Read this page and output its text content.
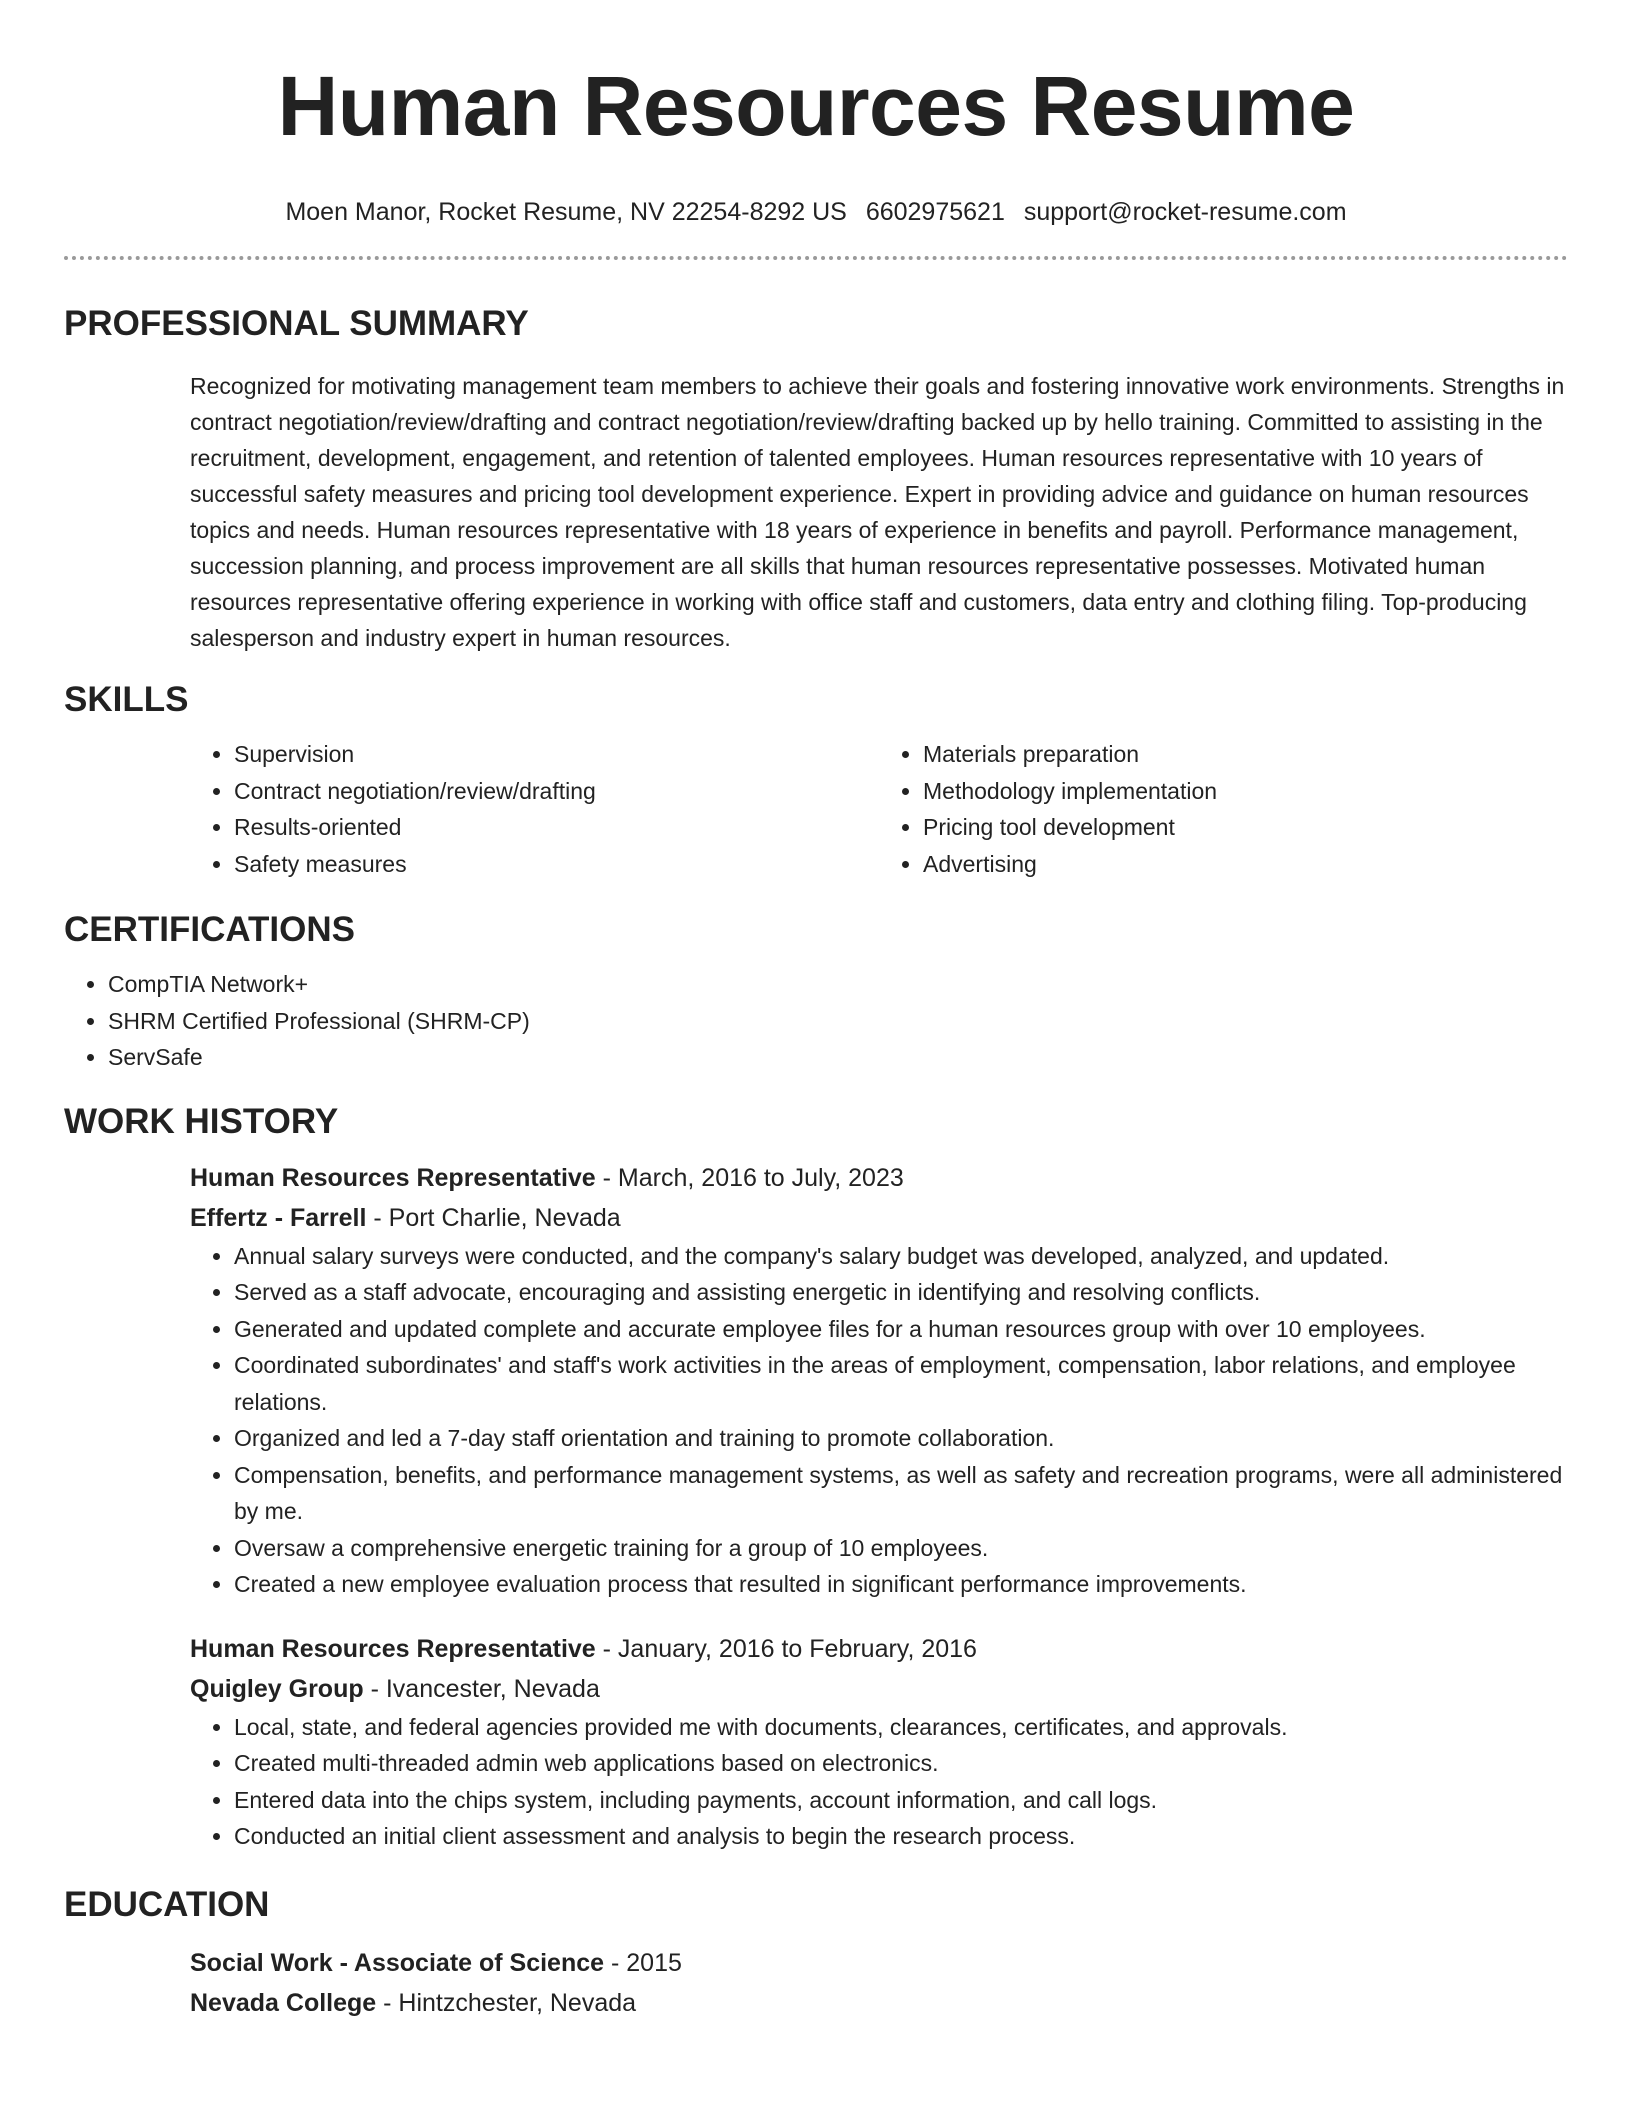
Human Resources Resume
Moen Manor, Rocket Resume, NV 22254-8292 US 6602975621 support@rocket-resume.com
PROFESSIONAL SUMMARY

Recognized for motivating management team members to achieve their goals and fostering innovative work environments. Strengths in contract negotiation/review/drafting and contract negotiation/review/drafting backed up by hello training. Committed to assisting in the recruitment, development, engagement, and retention of talented employees. Human resources representative with 10 years of successful safety measures and pricing tool development experience. Expert in providing advice and guidance on human resources topics and needs. Human resources representative with 18 years of experience in benefits and payroll. Performance management, succession planning, and process improvement are all skills that human resources representative possesses. Motivated human resources representative offering experience in working with office staff and customers, data entry and clothing filing. Top-producing salesperson and industry expert in human resources.

SKILLS
• Supervision
• Contract negotiation/review/drafting
• Results-oriented
• Safety measures
• Materials preparation
• Methodology implementation
• Pricing tool development
• Advertising
CERTIFICATIONS
• CompTIA Network+
• SHRM Certified Professional (SHRM-CP)
• ServSafe
WORK HISTORY
Human Resources Representative - March, 2016 to July, 2023
Effertz - Farrell - Port Charlie, Nevada
• Annual salary surveys were conducted, and the company's salary budget was developed, analyzed, and updated.
• Served as a staff advocate, encouraging and assisting energetic in identifying and resolving conflicts.
• Generated and updated complete and accurate employee files for a human resources group with over 10 employees.
• Coordinated subordinates' and staff's work activities in the areas of employment, compensation, labor relations, and employee relations.
• Organized and led a 7-day staff orientation and training to promote collaboration.
• Compensation, benefits, and performance management systems, as well as safety and recreation programs, were all administered by me.
• Oversaw a comprehensive energetic training for a group of 10 employees.
• Created a new employee evaluation process that resulted in significant performance improvements.
Human Resources Representative - January, 2016 to February, 2016
Quigley Group - Ivancester, Nevada
• Local, state, and federal agencies provided me with documents, clearances, certificates, and approvals.
• Created multi-threaded admin web applications based on electronics.
• Entered data into the chips system, including payments, account information, and call logs.
• Conducted an initial client assessment and analysis to begin the research process.
EDUCATION
Social Work - Associate of Science - 2015
Nevada College - Hintzchester, Nevada
